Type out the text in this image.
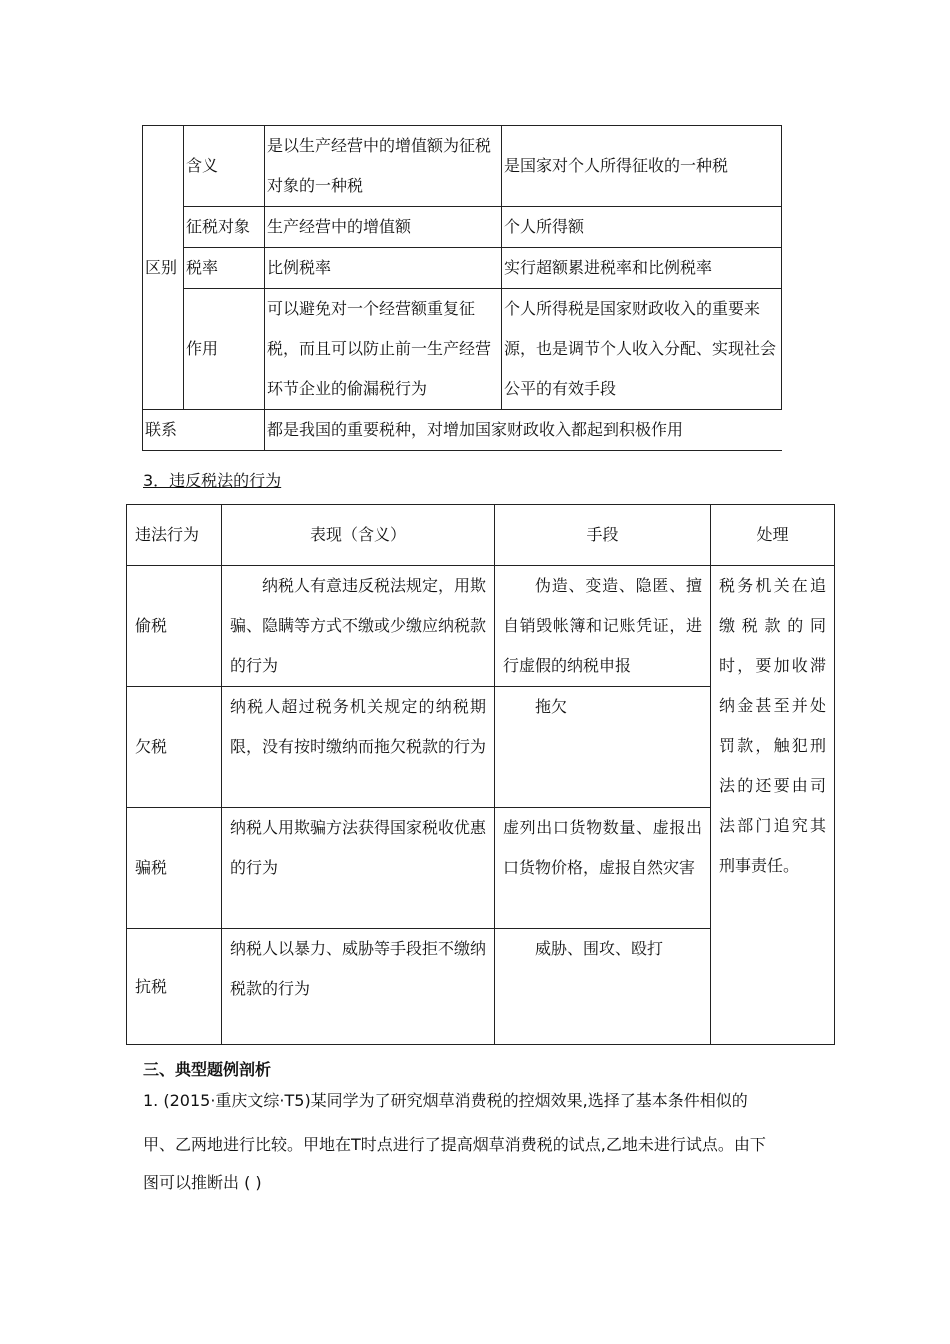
区别	含义	是以生产经营中的增值额为征税对象的一种税	是国家对个人所得征收的一种税
	征税对象	生产经营中的增值额	个人所得额
	税率	比例税率	实行超额累进税率和比例税率
	作用	可以避免对一个经营额重复征税，而且可以防止前一生产经营环节企业的偷漏税行为	个人所得税是国家财政收入的重要来源，也是调节个人收入分配、实现社会公平的有效手段
联系		都是我国的重要税种，对增加国家财政收入都起到积极作用	
3．违反税法的行为
违法行为	表现（含义）	手段	处理
偷税	纳税人有意违反税法规定，用欺骗、隐瞒等方式不缴或少缴应纳税款的行为	伪造、变造、隐匿、擅自销毁帐簿和记账凭证，进行虚假的纳税申报	税务机关在追缴税款的同时，要加收滞纳金甚至并处罚款，触犯刑法的还要由司法部门追究其刑事责任。
欠税	纳税人超过税务机关规定的纳税期限，没有按时缴纳而拖欠税款的行为	拖欠	
骗税	纳税人用欺骗方法获得国家税收优惠的行为	虚列出口货物数量、虚报出口货物价格，虚报自然灾害	
抗税	纳税人以暴力、威胁等手段拒不缴纳税款的行为	威胁、围攻、殴打	
三、典型题例剖析
1. (2015·重庆文综·T5)某同学为了研究烟草消费税的控烟效果,选择了基本条件相似的
甲、乙两地进行比较。甲地在T时点进行了提高烟草消费税的试点,乙地未进行试点。由下
图可以推断出 ( )
